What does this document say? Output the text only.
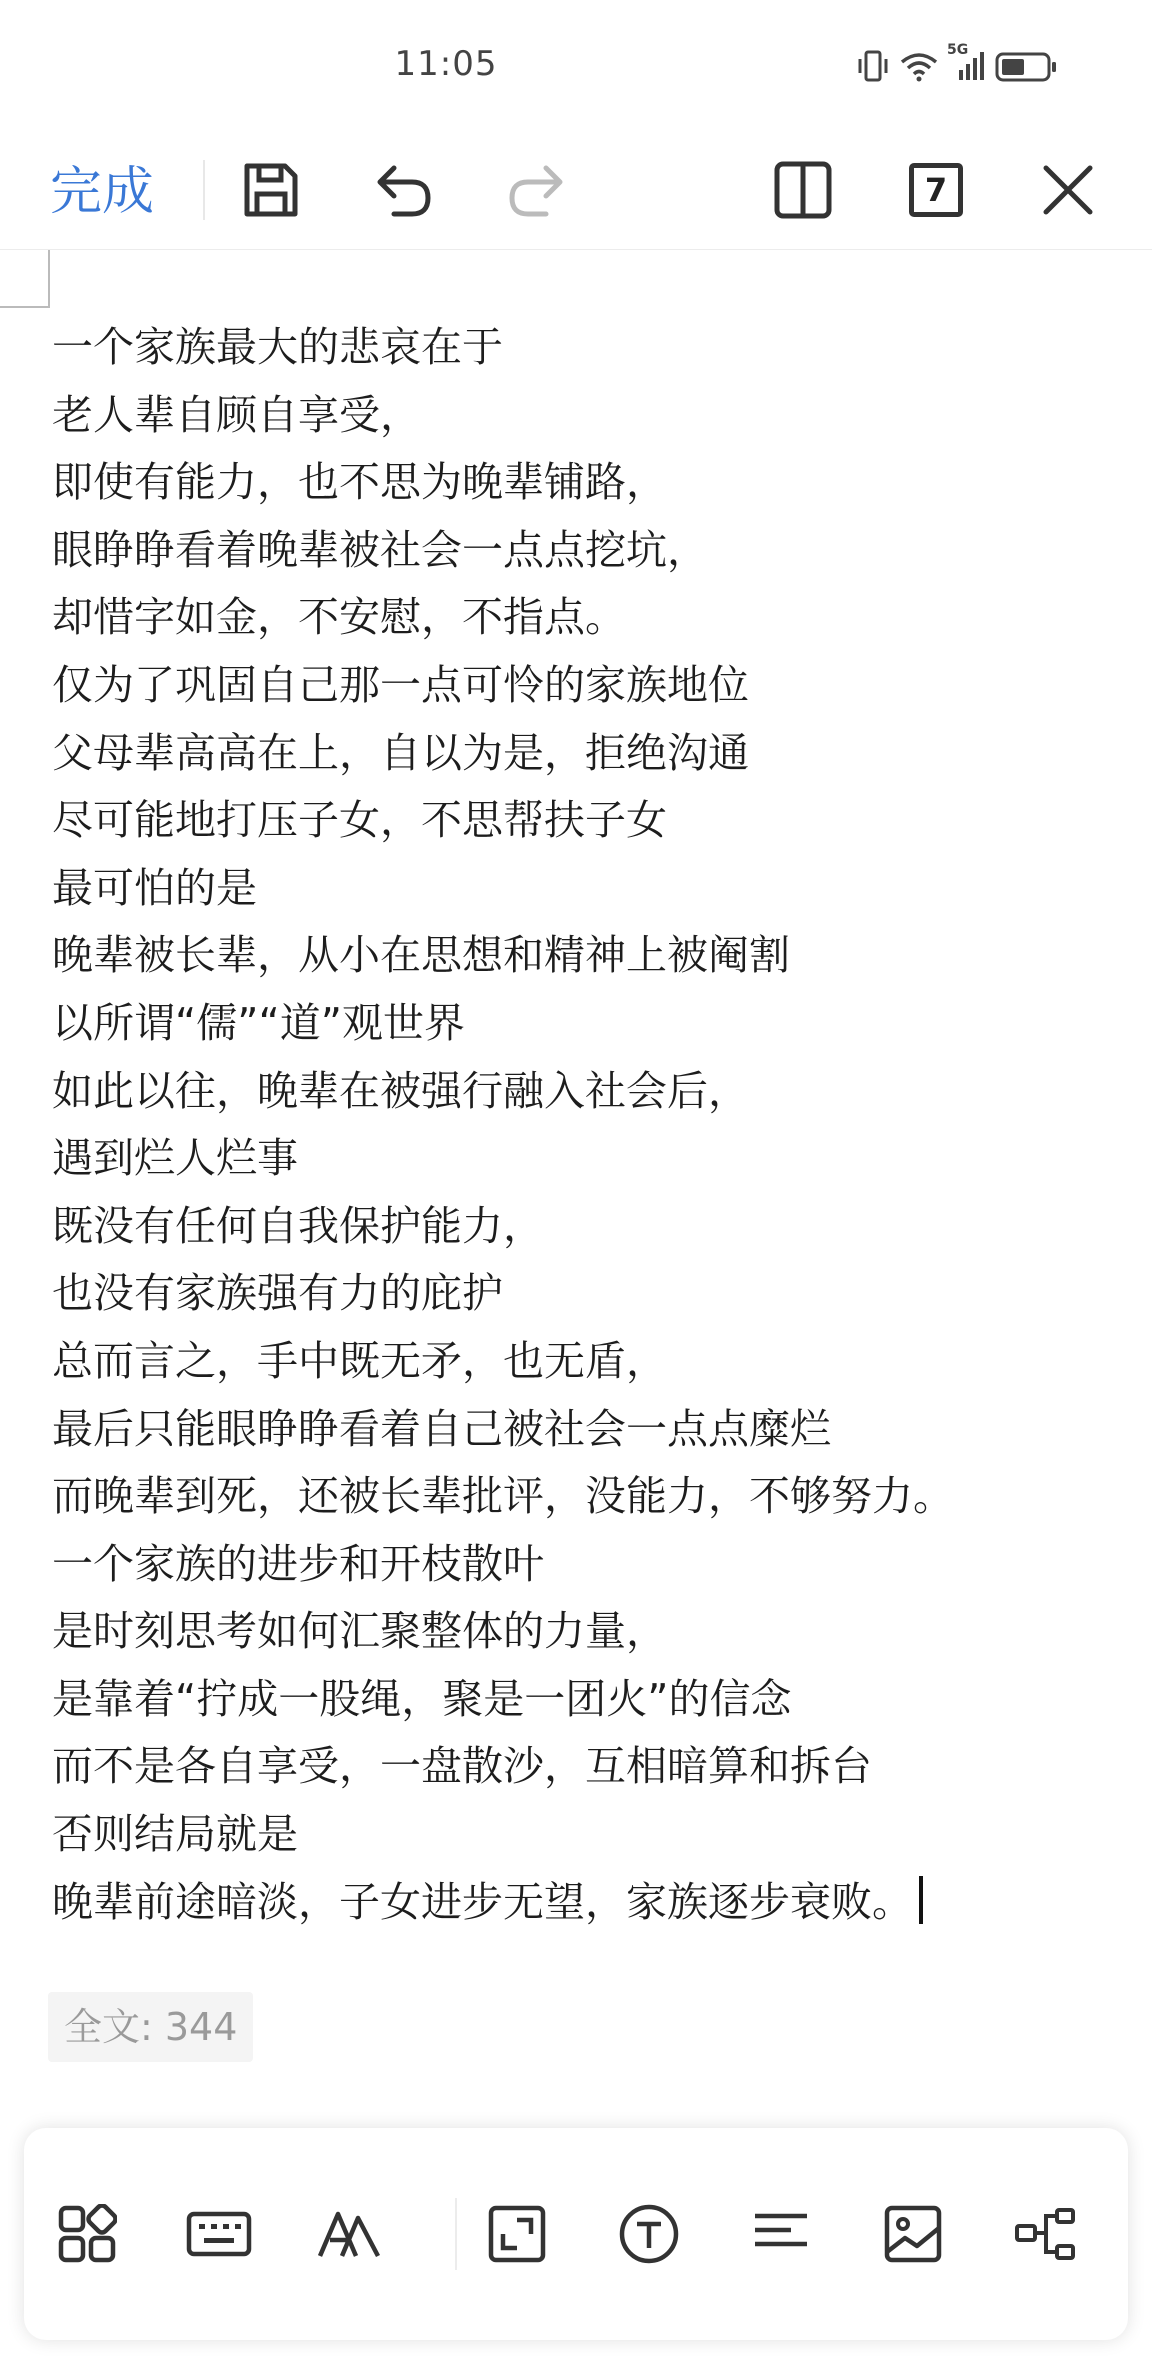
11:05	5G
完成	7
一个家族最大的悲哀在于
老人辈自顾自享受，
即使有能力，也不思为晚辈铺路，
眼睁睁看着晚辈被社会一点点挖坑，
却惜字如金，不安慰，不指点。
仅为了巩固自己那一点可怜的家族地位
父母辈高高在上，自以为是，拒绝沟通
尽可能地打压子女，不思帮扶子女
最可怕的是
晚辈被长辈，从小在思想和精神上被阉割
以所谓“儒”“道”观世界
如此以往，晚辈在被强行融入社会后，
遇到烂人烂事
既没有任何自我保护能力，
也没有家族强有力的庇护
总而言之，手中既无矛，也无盾，
最后只能眼睁睁看着自己被社会一点点糜烂
而晚辈到死，还被长辈批评，没能力，不够努力。
一个家族的进步和开枝散叶
是时刻思考如何汇聚整体的力量，
是靠着“拧成一股绳，聚是一团火”的信念
而不是各自享受，一盘散沙，互相暗算和拆台
否则结局就是
晚辈前途暗淡，子女进步无望，家族逐步衰败。
全文: 344
